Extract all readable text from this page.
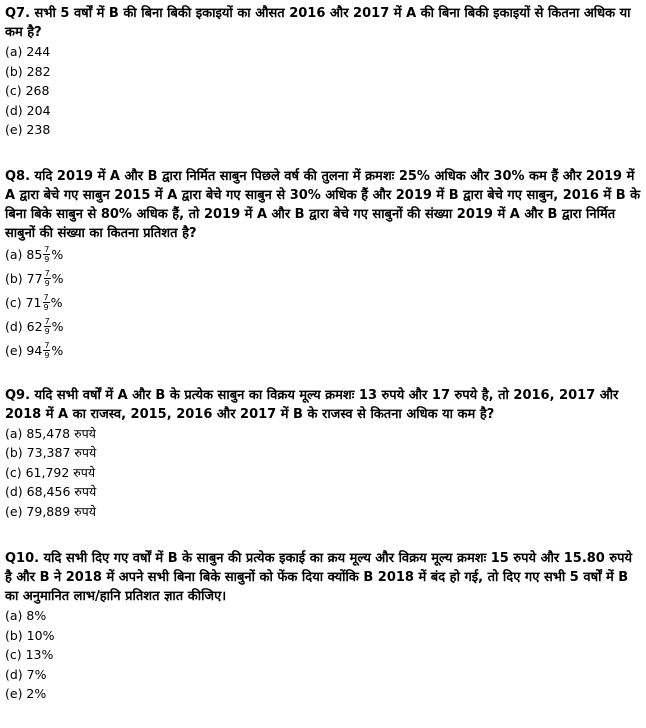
Q7. सभी 5 वर्षों में B की बिना बिकी इकाइयों का औसत 2016 और 2017 में A की बिना बिकी इकाइयों से कितना अधिक या कम है?

(a) 244
(b) 282
(c) 268
(d) 204
(e) 238

Q8. यदि 2019 में A और B द्वारा निर्मित साबुन पिछले वर्ष की तुलना में क्रमशः 25% अधिक और 30% कम हैं और 2019 में A द्वारा बेचे गए साबुन 2015 में A द्वारा बेचे गए साबुन से 30% अधिक हैं और 2019 में B द्वारा बेचे गए साबुन, 2016 में B के बिना बिके साबुन से 80% अधिक हैं, तो 2019 में A और B द्वारा बेचे गए साबुनों की संख्या 2019 में A और B द्वारा निर्मित साबुनों की संख्या का कितना प्रतिशत है?

(a) $85 \frac{7}{9}$ %
(b) $77 \frac{7}{9}$ %
(c) $71 \frac{7}{9}$ %
(d) $62 \frac{7}{9}$ %
(e) $94 \frac{7}{9}$ %

Q9. यदि सभी वर्षों में A और B के प्रत्येक साबुन का विक्रय मूल्य क्रमशः 13 रुपये और 17 रुपये है, तो 2016, 2017 और 2018 में A का राजस्व, 2015, 2016 और 2017 में B के राजस्व से कितना अधिक या कम है?

(a) 85,478 रुपये
(b) 73,387 रुपये
(c) 61,792 रुपये
(d) 68,456 रुपये
(e) 79,889 रुपये

Q10. यदि सभी दिए गए वर्षों में B के साबुन की प्रत्येक इकाई का क्रय मूल्य और विक्रय मूल्य क्रमशः 15 रुपये और 15.80 रुपये है और B ने 2018 में अपने सभी बिना बिके साबुनों को फेंक दिया क्योंकि B 2018 में बंद हो गई, तो दिए गए सभी 5 वर्षों में B का अनुमानित लाभ/हानि प्रतिशत ज्ञात कीजिए।

(a) 8%
(b) 10%
(c) 13%
(d) 7%
(e) 2%
